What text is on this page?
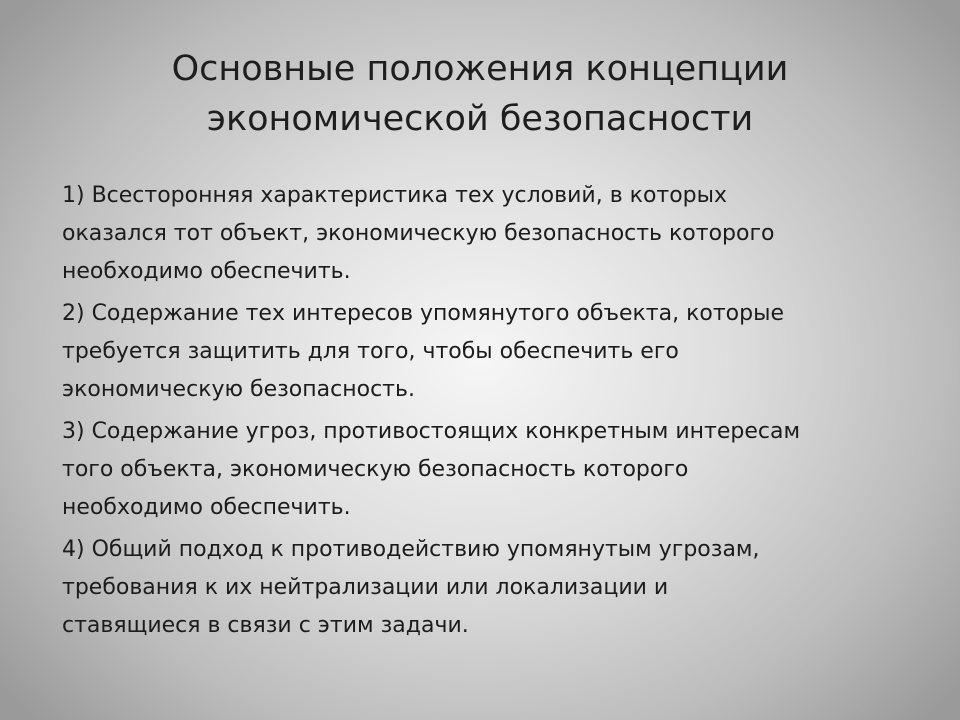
Основные положения концепции
экономической безопасности
1) Всесторонняя характеристика тех условий, в которых
оказался тот объект, экономическую безопасность которого
необходимо обеспечить.
2) Содержание тех интересов упомянутого объекта, которые
требуется защитить для того, чтобы обеспечить его
экономическую безопасность.
3) Содержание угроз, противостоящих конкретным интересам
того объекта, экономическую безопасность которого
необходимо обеспечить.
4) Общий подход к противодействию упомянутым угрозам,
требования к их нейтрализации или локализации и
ставящиеся в связи с этим задачи.
